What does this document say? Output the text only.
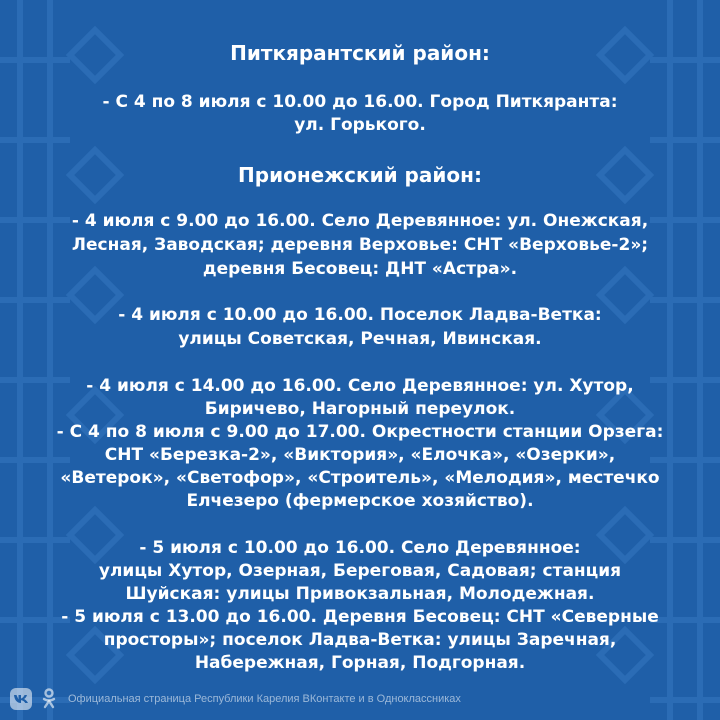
Питкярантский район:
- С 4 по 8 июля с 10.00 до 16.00. Город Питкяранта:
ул. Горького.
Прионежский район:
- 4 июля с 9.00 до 16.00. Село Деревянное: ул. Онежская,
Лесная, Заводская; деревня Верховье: СНТ «Верховье-2»;
деревня Бесовец: ДНТ «Астра».
- 4 июля с 10.00 до 16.00. Поселок Ладва-Ветка:
улицы Советская, Речная, Ивинская.
- 4 июля с 14.00 до 16.00. Село Деревянное: ул. Хутор,
Биричево, Нагорный переулок.
- С 4 по 8 июля с 9.00 до 17.00. Окрестности станции Орзега:
СНТ «Березка-2», «Виктория», «Елочка», «Озерки»,
«Ветерок», «Светофор», «Строитель», «Мелодия», местечко
Елчезеро (фермерское хозяйство).
- 5 июля с 10.00 до 16.00. Село Деревянное:
улицы Хутор, Озерная, Береговая, Садовая; станция
Шуйская: улицы Привокзальная, Молодежная.
- 5 июля с 13.00 до 16.00. Деревня Бесовец: СНТ «Северные
просторы»; поселок Ладва-Ветка: улицы Заречная,
Набережная, Горная, Подгорная.
Официальная страница Республики Карелия ВКонтакте и в Одноклассниках
